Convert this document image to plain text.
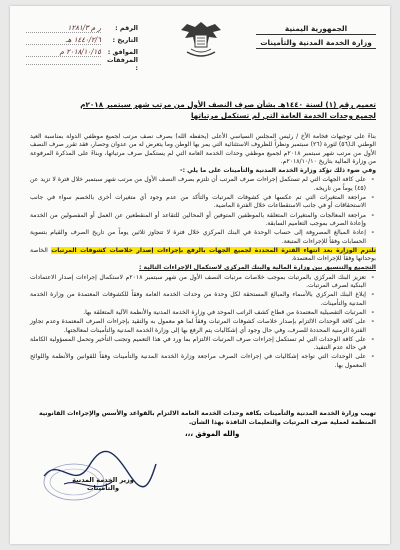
الجمهورية اليمنية
وزارة الخدمة المدنية والتأمينات
الرقم :
ر م ١٢٨١/٣
التاريخ :
١٤٤٠/٢/٦ هـ
الموافق :
٢٠١٨/١٠/١٥ م
المرفقات :
تعميم رقم (١) لسنة ١٤٤٠هـ بشأن صرف النصف الأول من مرتب شهر سبتمبر ٢٠١٨م
لجميع وحدات الخدمة العامة التي لم تستكمل مرتباتها

بناءً على توجيهات فخامة الأخ / رئيس المجلس السياسي الأعلى (يحفظه الله) بصرف نصف مرتب لجميع موظفي الدولة بمناسبة العيد الوطني الـ(٥٦) لثورة (٢٦) سبتمبر ونظراً للظروف الاستثنائية التي يمر بها الوطن وما يتعرض له من عدوان وحصار، فقد تقرر صرف النصف الأول من مرتب شهر سبتمبر ٢٠١٨م لجميع موظفي وحدات الخدمة العامة التي لم يستكمل صرف مرتباتها، وبناءً على المذكرة المرفوعة من وزارة المالية بتاريخ ٢٠١٨/١٠/١٠م.

وفي ضوء ذلك تؤكد وزارة الخدمة المدنية والتأمينات على ما يلي :-

- على كافة الجهات التي لم تستكمل إجراءات صرف المرتب أن تلتزم بصرف النصف الأول من مرتب شهر سبتمبر خلال فترة لا تزيد عن (٤٥) يوماً من تاريخه.
- مراجعة المتغيرات التي تم عكسها في كشوفات المرتبات والتأكد من عدم وجود أي متغيرات أخرى بالخصم سواء في جانب الاستحقاقات أو في جانب الاستقطاعات خلال الفترة الماضية.
- مراجعة المعالجات والمتغيرات المتعلقة بالموظفين المتوفين أو المحالين للتقاعد أو المنقطعين عن العمل أو المفصولين من الخدمة وإعادة الصرف بموجب التعاميم السابقة.
- إعادة المبالغ المصروفة إلى حساب الوحدة في البنك المركزي خلال فترة لا تتجاوز ثلاثين يوماً من تاريخ الصرف والقيام بتسوية الحسابات وفقاً للإجراءات المتبعة.

تلتزم الوزارة بعد انتهاء الفترة المحددة لجميع الجهات بالرفع بإجراءات إصدار خلاصات كشوفات المرتبات الخاصة بوحداتها وفقاً للإجراءات المعتمدة.

التجميع والتنسيق بين وزارة المالية والبنك المركزي لاستكمال الإجراءات التالية :

- تعزيز البنك المركزي بالمرتبات بموجب خلاصات مرتبات النصف الأول من شهر سبتمبر ٢٠١٨م لاستكمال إجراءات إصدار الاعتمادات البنكية لصرف المرتبات.
- إبلاغ البنك المركزي بالأسماء والمبالغ المستحقة لكل وحدة من وحدات الخدمة العامة وفقاً للكشوفات المعتمدة من وزارة الخدمة المدنية والتأمينات.
- المرتبات التفصيلية المعتمدة من قطاع كشف الراتب الموحد في وزارة الخدمة المدنية والأنظمة الآلية المتعلقة بها.
- على كافة الوحدات الالتزام بإصدار خلاصات كشوفات المرتبات وفقاً لما هو معمول به والتقيد بإجراءات الصرف المعتمدة وعدم تجاوز الفترة الزمنية المحددة للصرف، وفي حال وجود أي إشكاليات يتم الرفع بها إلى وزارة الخدمة المدنية والتأمينات لمعالجتها.
- على كافة الوحدات التي لم تستكمل إجراءات صرف المرتبات الالتزام بما ورد في هذا التعميم وتجنب التأخير وتحمل المسؤولية الكاملة في حالة عدم التنفيذ.
- على الوحدات التي تواجه إشكاليات في إجراءات الصرف مراجعة وزارة الخدمة المدنية والتأمينات وفقاً للقوانين والأنظمة واللوائح المعمول بها.

تهيب وزارة الخدمة المدنية والتأمينات بكافة وحدات الخدمة العامة الالتزام بالقواعد والأسس والإجراءات القانونية المنظمة لعملية صرف المرتبات والتعليمات النافذة بهذا الشأن.

والله الموفق ،،،
وزير الخدمة المدنية والتأمينات
